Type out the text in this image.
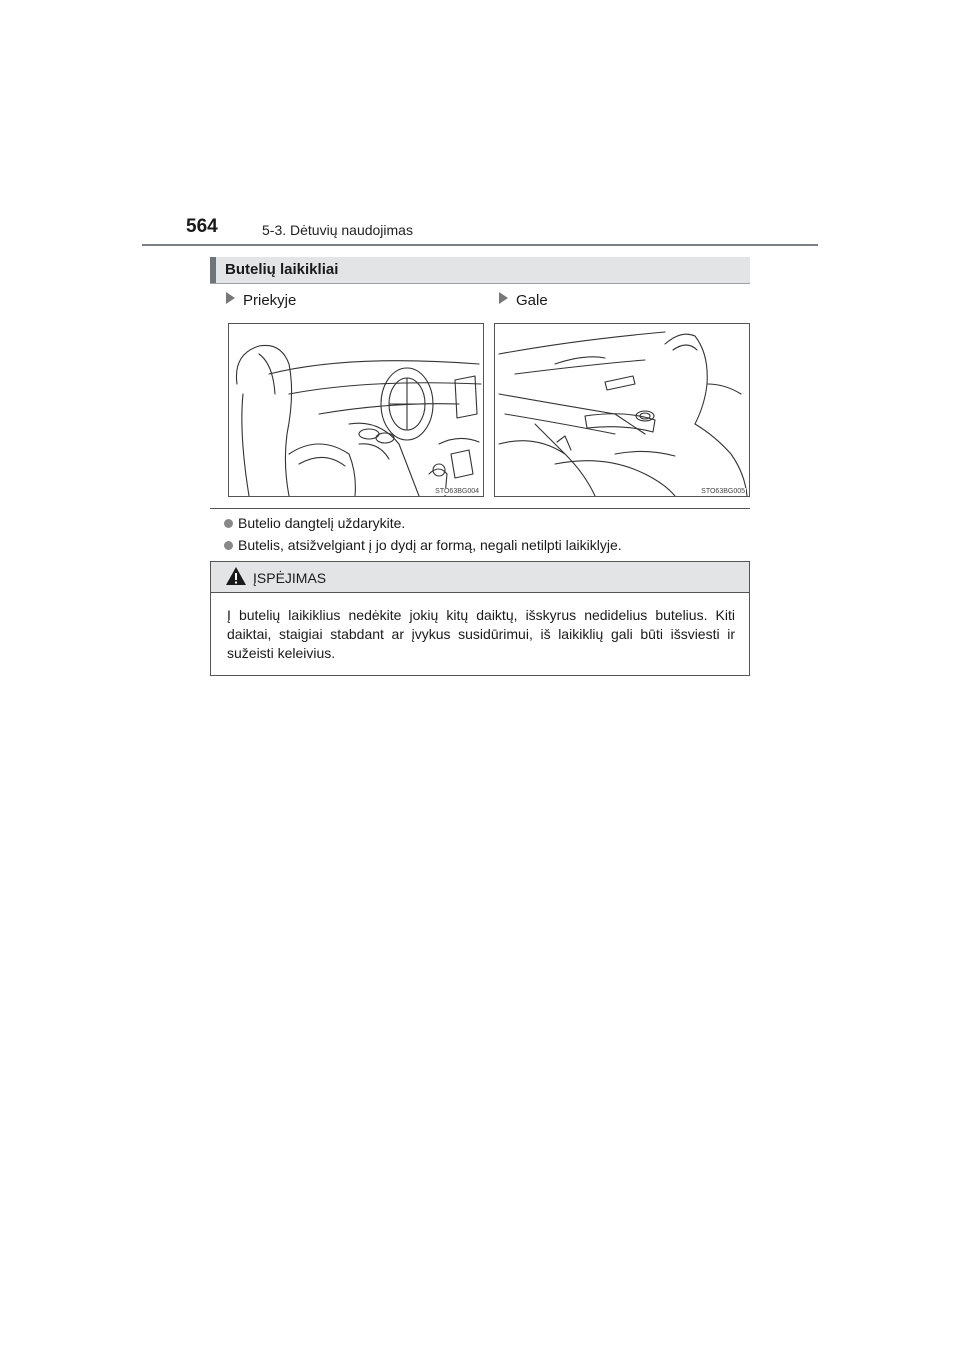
564	5-3. Dėtuvių naudojimas
Butelių laikikliai
Priekyje	Gale
STO63BG004	STO63BG005
Butelio dangtelį uždarykite.
Butelis, atsižvelgiant į jo dydį ar formą, negali netilpti laikiklyje.
ĮSPĖJIMAS
Į butelių laikiklius nedėkite jokių kitų daiktų, išskyrus nedidelius butelius. Kiti daiktai, staigiai stabdant ar įvykus susidūrimui, iš laikiklių gali būti išsviesti ir sužeisti keleivius.
